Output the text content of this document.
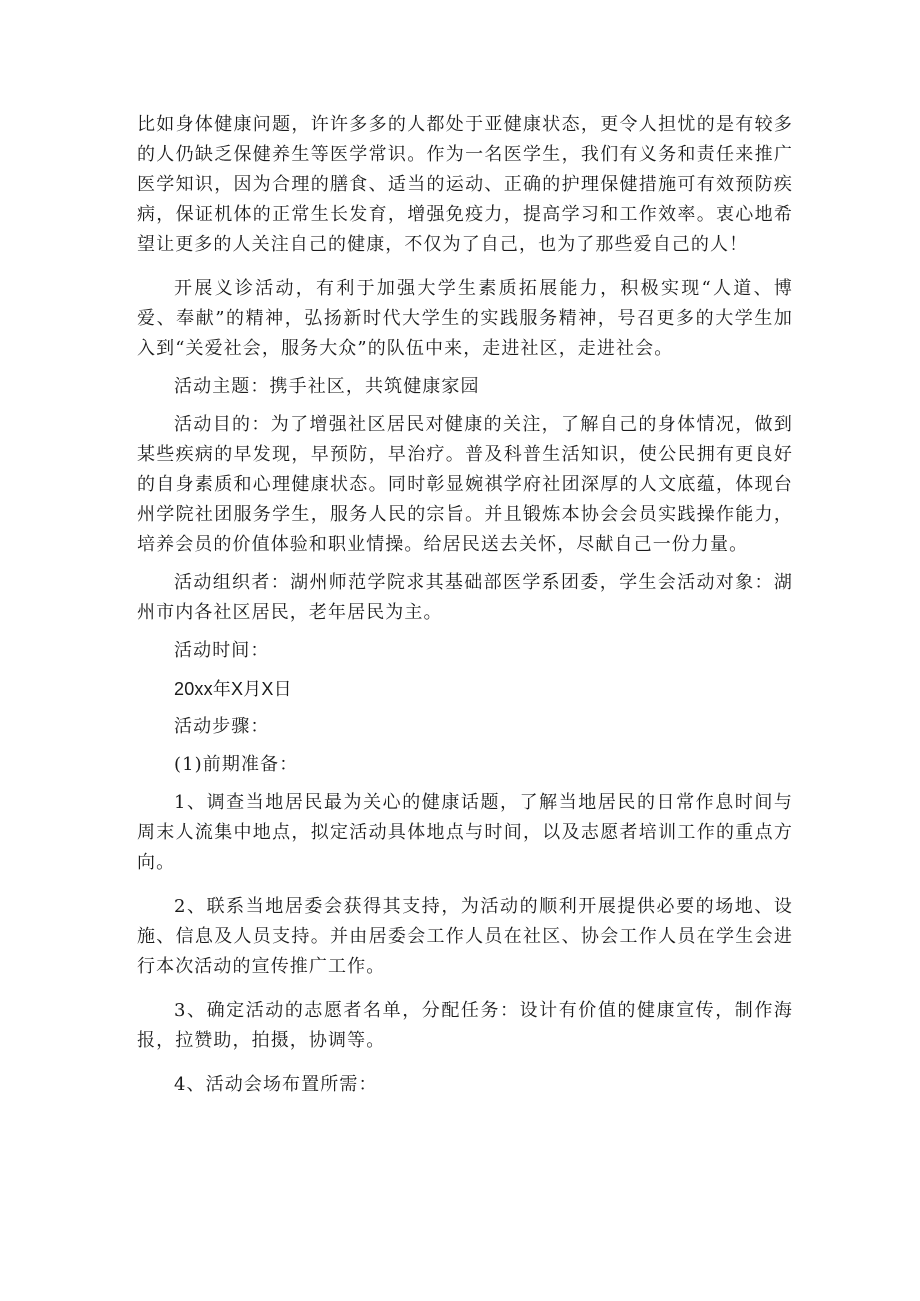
比如身体健康问题，许许多多的人都处于亚健康状态，更令人担忧的是有较多的人仍缺乏保健养生等医学常识。作为一名医学生，我们有义务和责任来推广医学知识，因为合理的膳食、适当的运动、正确的护理保健措施可有效预防疾病，保证机体的正常生长发育，增强免疫力，提高学习和工作效率。衷心地希望让更多的人关注自己的健康，不仅为了自己，也为了那些爱自己的人！

开展义诊活动，有利于加强大学生素质拓展能力，积极实现“人道、博爱、奉献”的精神，弘扬新时代大学生的实践服务精神，号召更多的大学生加入到“关爱社会，服务大众”的队伍中来，走进社区，走进社会。

活动主题：携手社区，共筑健康家园

活动目的：为了增强社区居民对健康的关注，了解自己的身体情况，做到某些疾病的早发现，早预防，早治疗。普及科普生活知识，使公民拥有更良好的自身素质和心理健康状态。同时彰显婉祺学府社团深厚的人文底蕴，体现台州学院社团服务学生，服务人民的宗旨。并且锻炼本协会会员实践操作能力，培养会员的价值体验和职业情操。给居民送去关怀，尽献自己一份力量。

活动组织者：湖州师范学院求其基础部医学系团委，学生会活动对象：湖州市内各社区居民，老年居民为主。

活动时间：

20xx年X月X日

活动步骤：

(1)前期准备：

1、调查当地居民最为关心的健康话题，了解当地居民的日常作息时间与周末人流集中地点，拟定活动具体地点与时间，以及志愿者培训工作的重点方向。

2、联系当地居委会获得其支持，为活动的顺利开展提供必要的场地、设施、信息及人员支持。并由居委会工作人员在社区、协会工作人员在学生会进行本次活动的宣传推广工作。

3、确定活动的志愿者名单，分配任务：设计有价值的健康宣传，制作海报，拉赞助，拍摄，协调等。

4、活动会场布置所需：
